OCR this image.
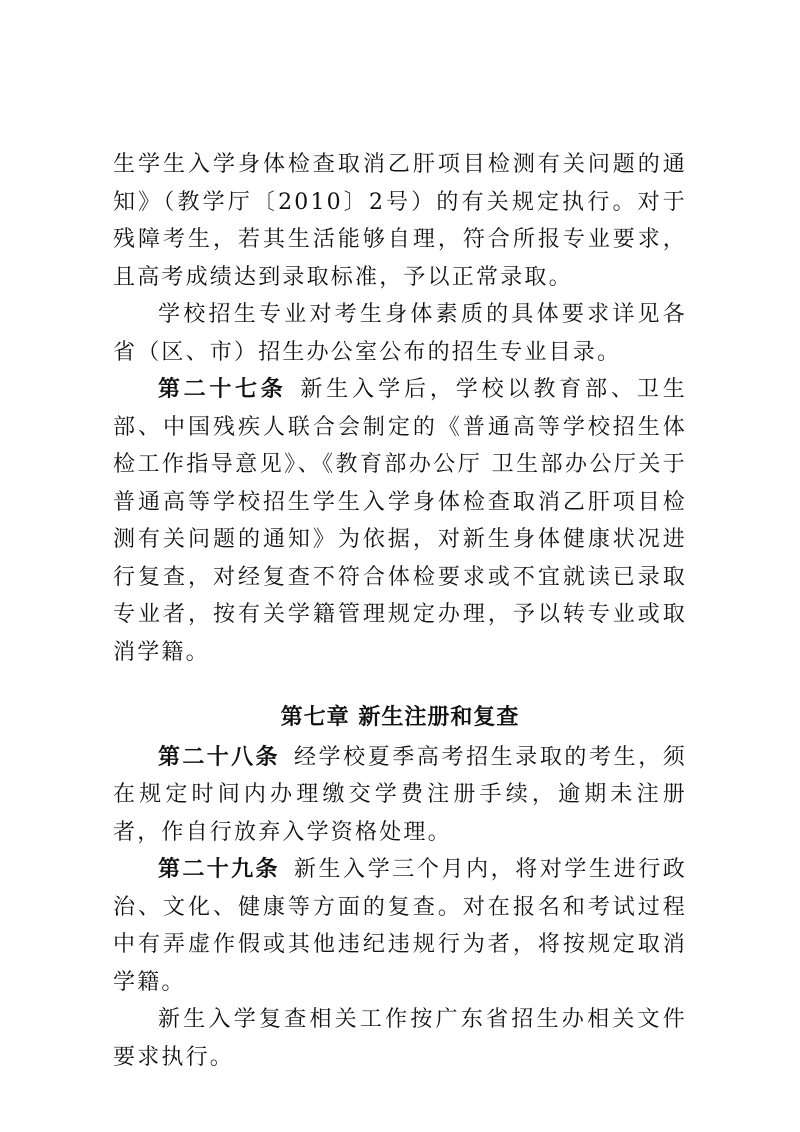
生学生入学身体检查取消乙肝项目检测有关问题的通知》（教学厅〔2010〕2号）的有关规定执行。对于残障考生，若其生活能够自理，符合所报专业要求，且高考成绩达到录取标准，予以正常录取。

学校招生专业对考生身体素质的具体要求详见各省（区、市）招生办公室公布的招生专业目录。

第二十七条 新生入学后，学校以教育部、卫生部、中国残疾人联合会制定的《普通高等学校招生体检工作指导意见》、《教育部办公厅 卫生部办公厅关于普通高等学校招生学生入学身体检查取消乙肝项目检测有关问题的通知》为依据，对新生身体健康状况进行复查，对经复查不符合体检要求或不宜就读已录取专业者，按有关学籍管理规定办理，予以转专业或取消学籍。

第七章 新生注册和复查

第二十八条 经学校夏季高考招生录取的考生，须在规定时间内办理缴交学费注册手续，逾期未注册者，作自行放弃入学资格处理。

第二十九条 新生入学三个月内，将对学生进行政治、文化、健康等方面的复查。对在报名和考试过程中有弄虚作假或其他违纪违规行为者，将按规定取消学籍。

新生入学复查相关工作按广东省招生办相关文件要求执行。
